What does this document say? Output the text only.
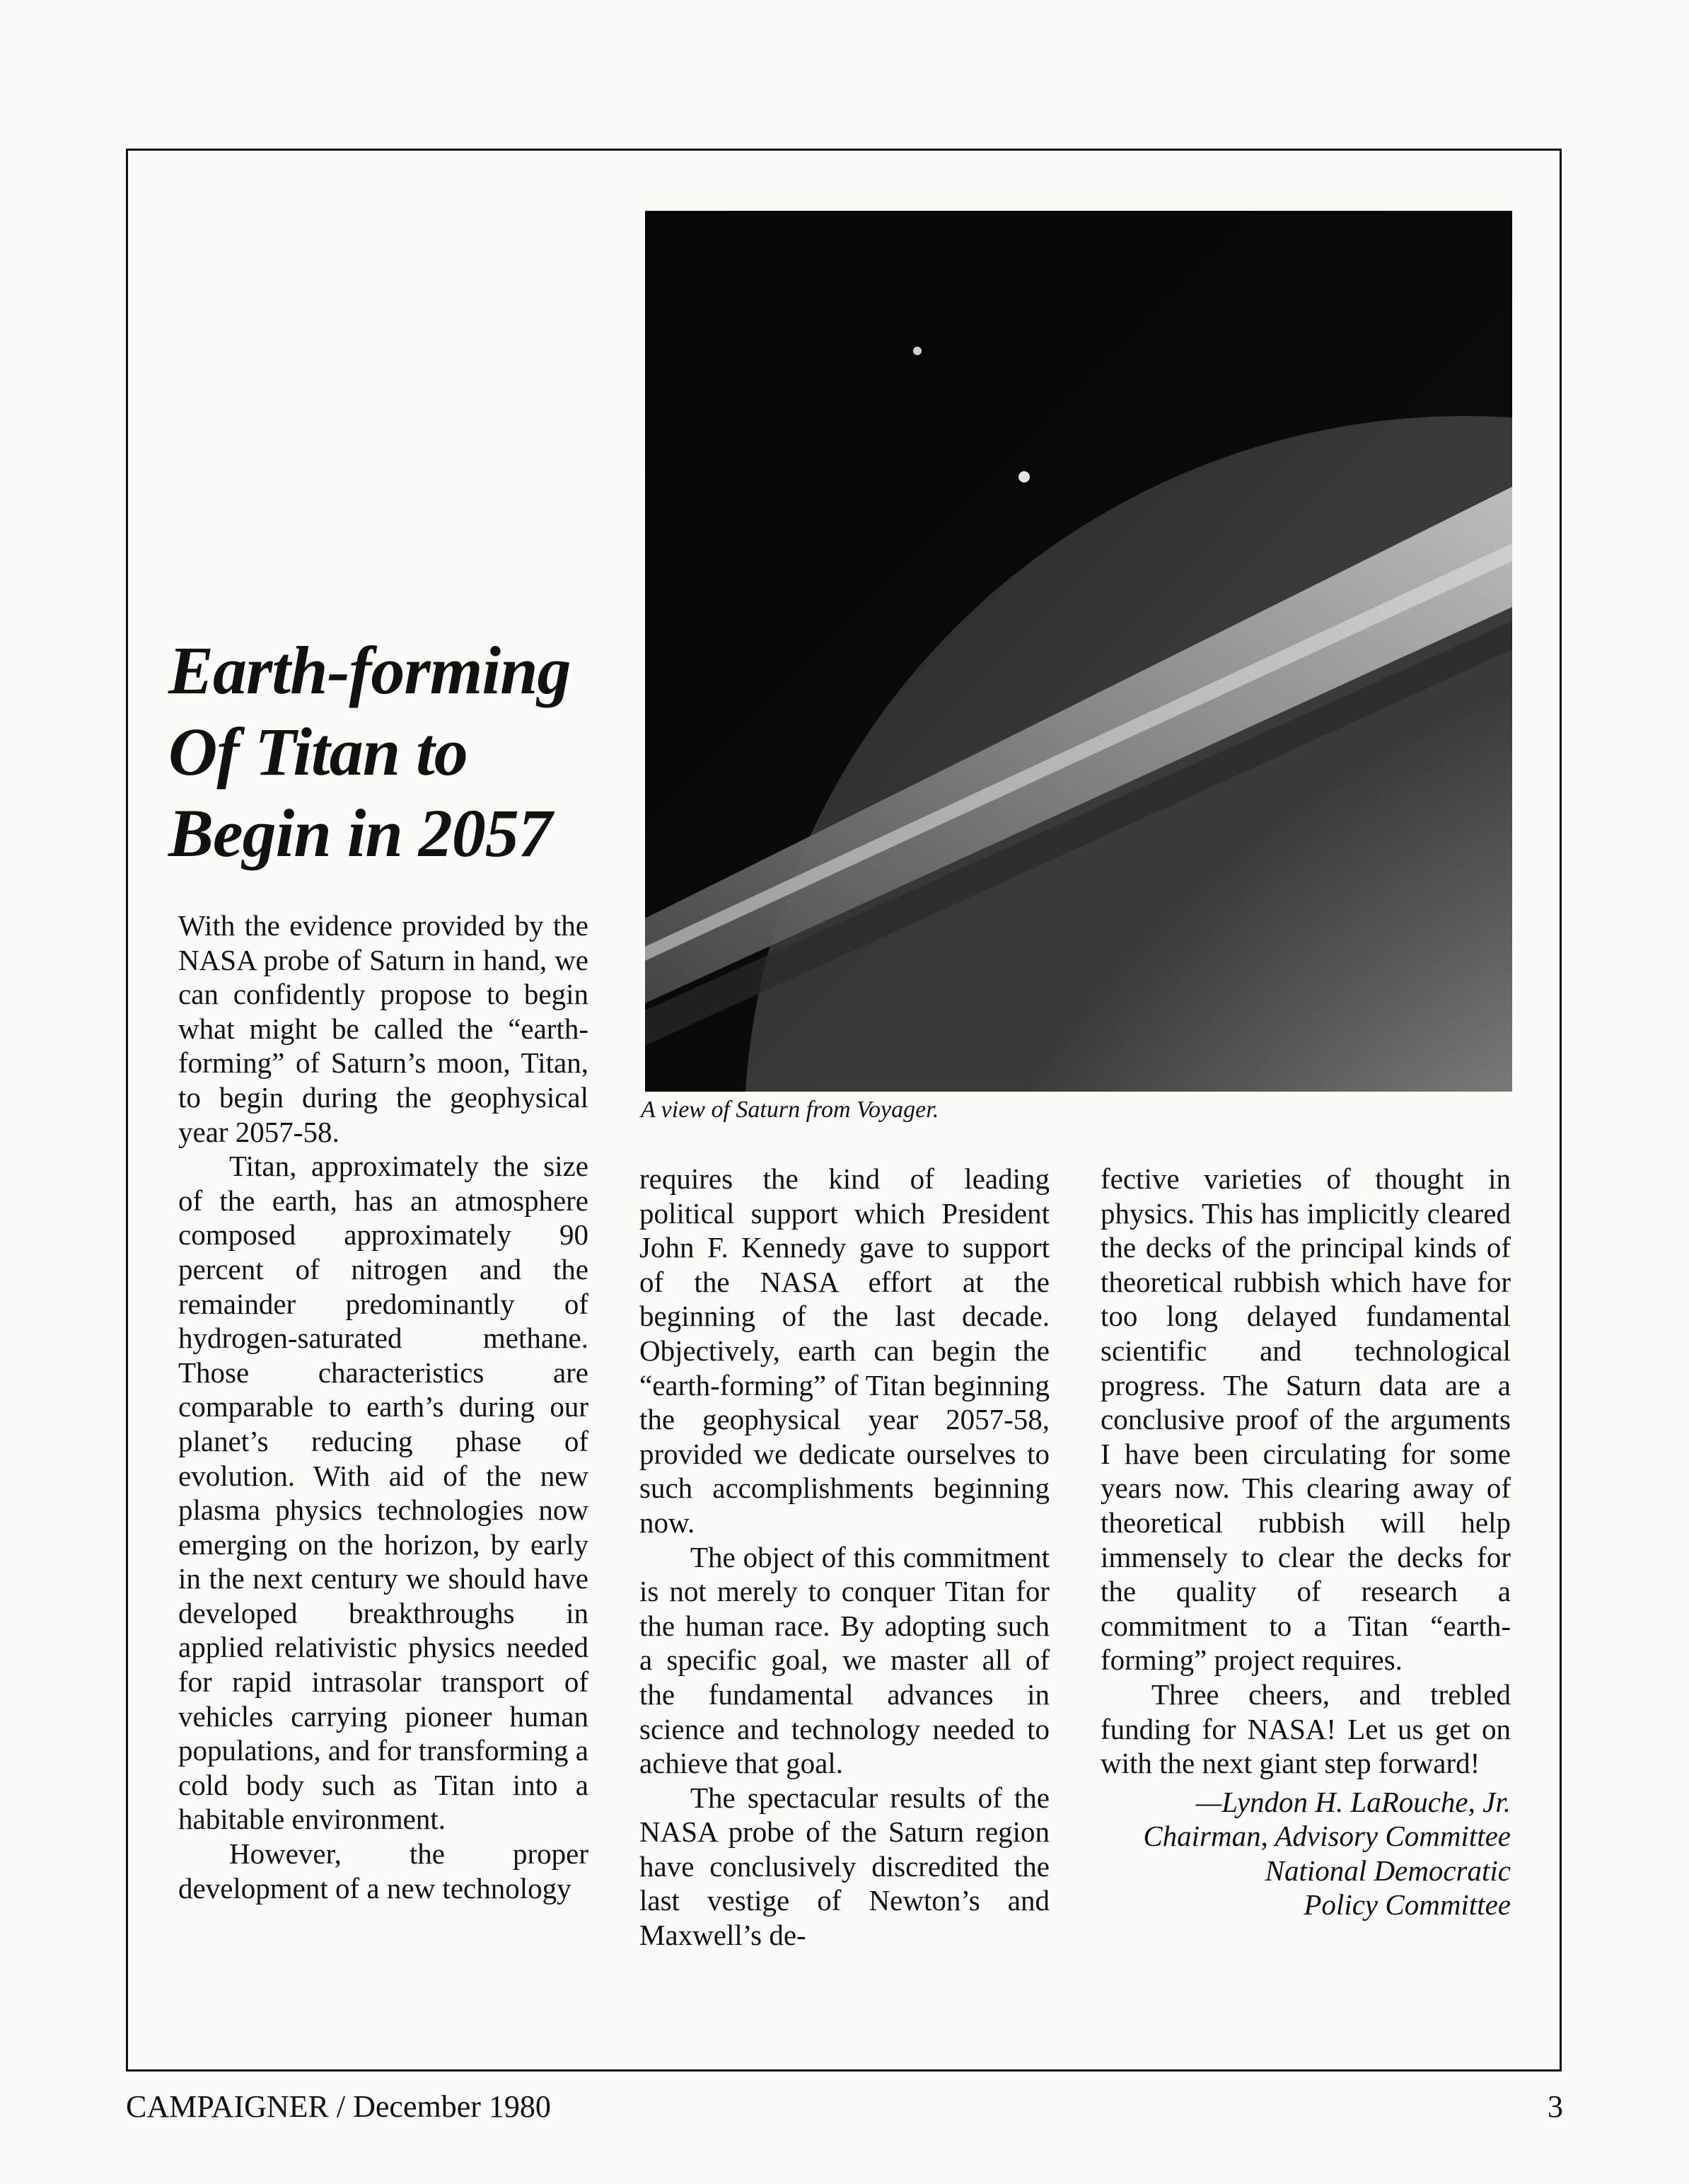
A view of Saturn from Voyager.
Earth-forming
Of Titan to
Begin in 2057

With the evidence provided by the NASA probe of Saturn in hand, we can confidently propose to begin what might be called the “earth-forming” of Saturn’s moon, Titan, to begin during the geophysical year 2057-58.

Titan, approximately the size of the earth, has an atmosphere composed approximately 90 percent of nitrogen and the remainder predominantly of hydrogen-saturated methane. Those characteristics are comparable to earth’s during our planet’s reducing phase of evolution. With aid of the new plasma physics technologies now emerging on the horizon, by early in the next century we should have developed breakthroughs in applied relativistic physics needed for rapid intrasolar transport of vehicles carrying pioneer human populations, and for transforming a cold body such as Titan into a habitable environment.

However, the proper development of a new technology

requires the kind of leading political support which President John F. Kennedy gave to support of the NASA effort at the beginning of the last decade. Objectively, earth can begin the “earth-forming” of Titan beginning the geophysical year 2057-58, provided we dedicate ourselves to such accomplishments beginning now.

The object of this commitment is not merely to conquer Titan for the human race. By adopting such a specific goal, we master all of the fundamental advances in science and technology needed to achieve that goal.

The spectacular results of the NASA probe of the Saturn region have conclusively discredited the last vestige of Newton’s and Maxwell’s de-

fective varieties of thought in physics. This has implicitly cleared the decks of the principal kinds of theoretical rubbish which have for too long delayed fundamental scientific and technological progress. The Saturn data are a conclusive proof of the arguments I have been circulating for some years now. This clearing away of theoretical rubbish will help immensely to clear the decks for the quality of research a commitment to a Titan “earth-forming” project requires.

Three cheers, and trebled funding for NASA! Let us get on with the next giant step forward!

—Lyndon H. LaRouche, Jr.
Chairman, Advisory Committee
National Democratic
Policy Committee
CAMPAIGNER / December 1980	3
